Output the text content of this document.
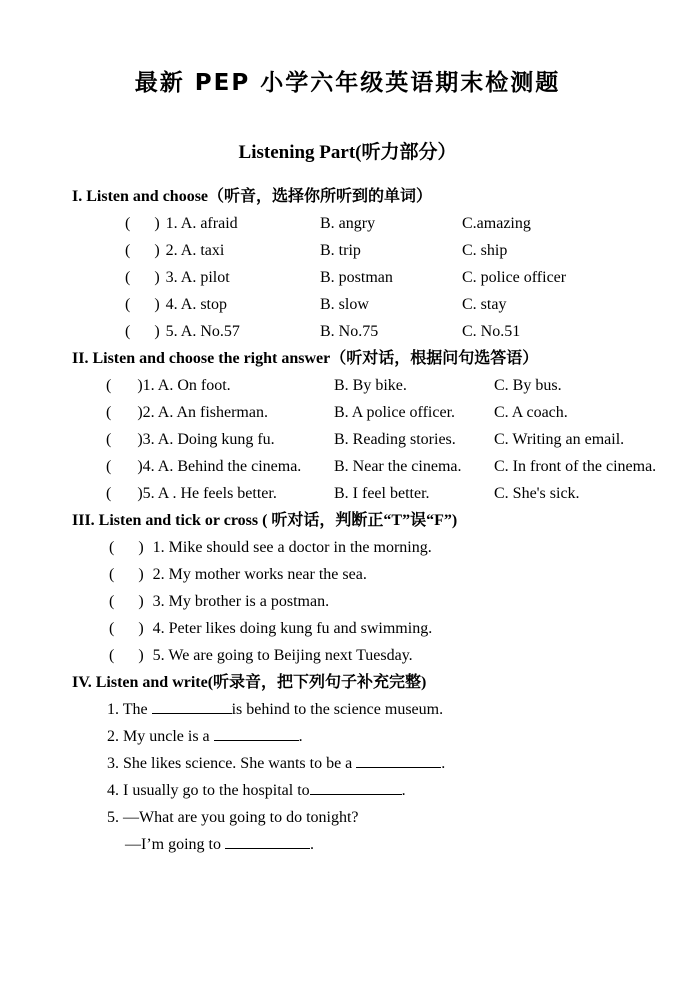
最新 PEP 小学六年级英语期末检测题
Listening Part(听力部分）
I. Listen and choose（听音，选择你所听到的单词）
( ) 1. A. afraid	B. angry	C.amazing
( ) 2. A. taxi	B. trip	C. ship
( ) 3. A. pilot	B. postman	C. police officer
( ) 4. A. stop	B. slow	C. stay
( ) 5. A. No.57	B. No.75	C. No.51
II. Listen and choose the right answer（听对话，根据问句选答语）
( )1. A. On foot.	B. By bike.	C. By bus.
( )2. A. An fisherman.	B. A police officer.	C. A coach.
( )3. A. Doing kung fu.	B. Reading stories.	C. Writing an email.
( )4. A. Behind the cinema.	B. Near the cinema.	C. In front of the cinema.
( )5. A . He feels better.	B. I feel better.	C. She's sick.
III. Listen and tick or cross ( 听对话，判断正“T”误“F”)
( ) 1. Mike should see a doctor in the morning.
( ) 2. My mother works near the sea.
( ) 3. My brother is a postman.
( ) 4. Peter likes doing kung fu and swimming.
( ) 5. We are going to Beijing next Tuesday.
IV. Listen and write(听录音，把下列句子补充完整)
1. The	is behind to the science museum.
2. My uncle is a	.
3. She likes science. She wants to be a	.
4. I usually go to the hospital to	.
5. —What are you going to do tonight?
—I’m going to	.
